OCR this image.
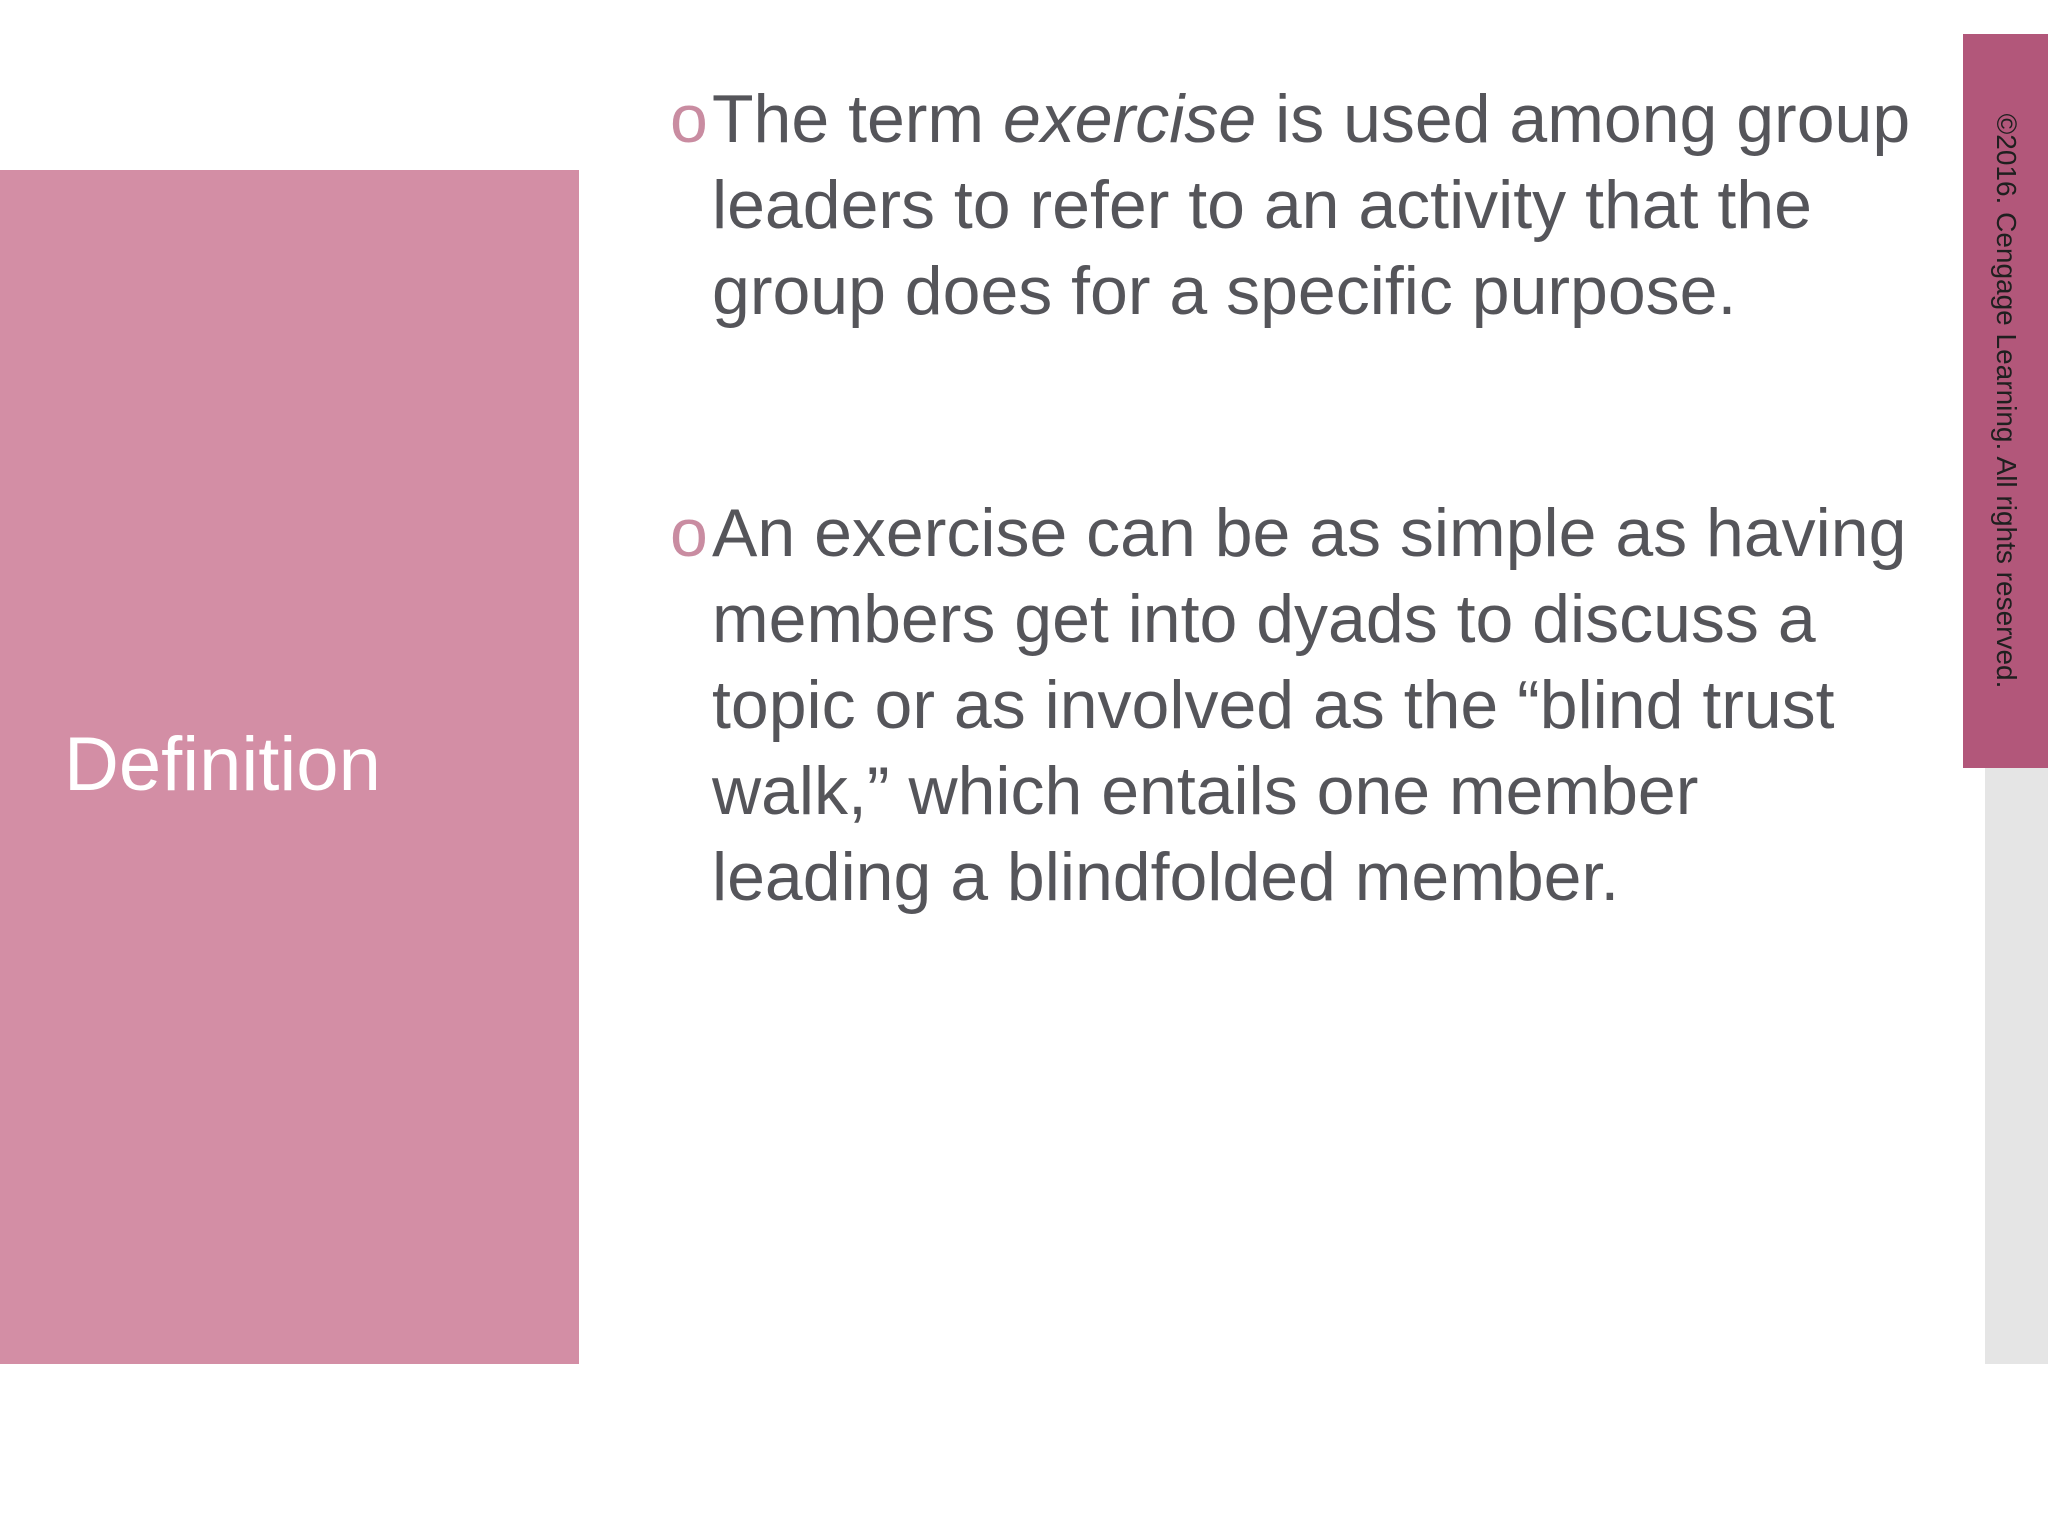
Definition
©2016. Cengage Learning. All rights reserved.
o The term exercise is used among group leaders to refer to an activity that the group does for a specific purpose.
o An exercise can be as simple as having members get into dyads to discuss a topic or as involved as the “blind trust walk,” which entails one member leading a blindfolded member.
